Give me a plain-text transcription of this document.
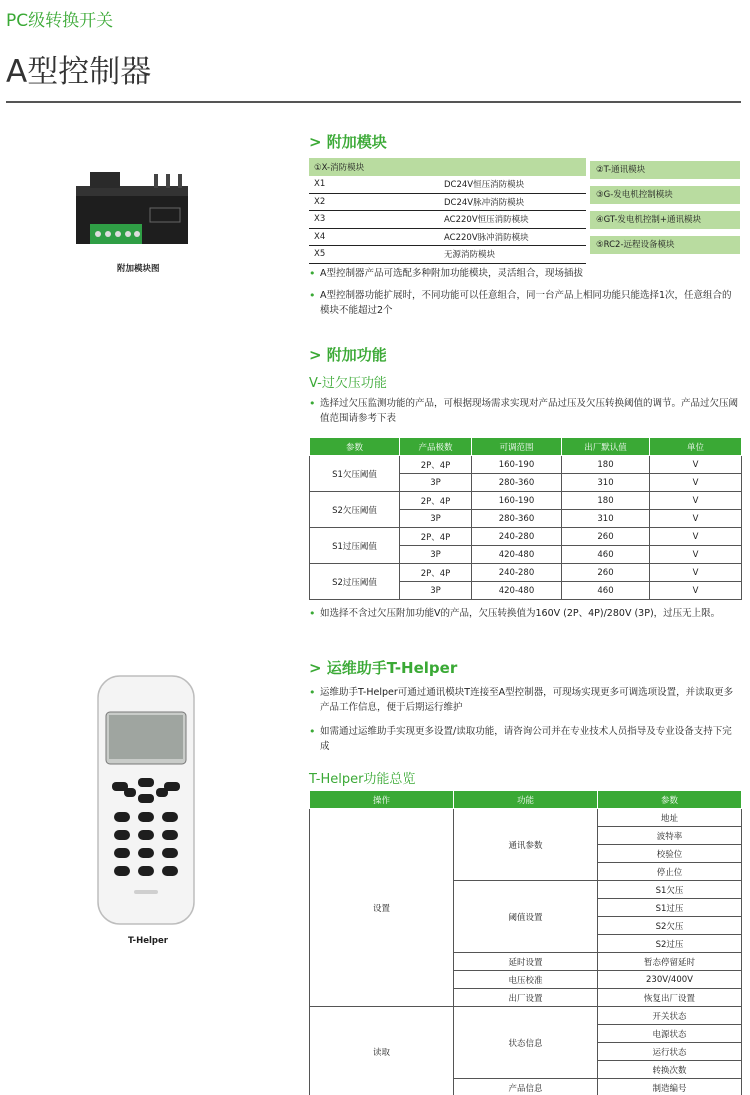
PC级转换开关
A型控制器
附加模块图
> 附加模块
①X-消防模块	
X1	DC24V恒压消防模块
X2	DC24V脉冲消防模块
X3	AC220V恒压消防模块
X4	AC220V脉冲消防模块
X5	无源消防模块
②T-通讯模块
③G-发电机控制模块
④GT-发电机控制+通讯模块
⑤RC2-远程设备模块
• A型控制器产品可选配多种附加功能模块，灵活组合，现场插拔
• A型控制器功能扩展时，不同功能可以任意组合，同一台产品上相同功能只能选择1次，任意组合的模块不能超过2个
> 附加功能
V-过欠压功能
• 选择过欠压监测功能的产品，可根据现场需求实现对产品过压及欠压转换阈值的调节。产品过欠压阈值范围请参考下表
参数	产品极数	可调范围	出厂默认值	单位
S1欠压阈值	2P、4P	160-190	180	V
	3P	280-360	310	V
S2欠压阈值	2P、4P	160-190	180	V
	3P	280-360	310	V
S1过压阈值	2P、4P	240-280	260	V
	3P	420-480	460	V
S2过压阈值	2P、4P	240-280	260	V
	3P	420-480	460	V
• 如选择不含过欠压附加功能V的产品，欠压转换值为160V (2P、4P)/280V (3P)，过压无上限。
> 运维助手T-Helper
• 运维助手T-Helper可通过通讯模块T连接至A型控制器，可现场实现更多可调选项设置，并读取更多产品工作信息，便于后期运行维护
• 如需通过运维助手实现更多设置/读取功能，请咨询公司并在专业技术人员指导及专业设备支持下完成
T-Helper功能总览
T-Helper
操作	功能	参数
设置	通讯参数	地址
		波特率
		校验位
		停止位
	阈值设置	S1欠压
		S1过压
		S2欠压
		S2过压
	延时设置	暂态停留延时
	电压校准	230V/400V
	出厂设置	恢复出厂设置
读取	状态信息	开关状态
		电源状态
		运行状态
		转换次数
	产品信息	制造编号
